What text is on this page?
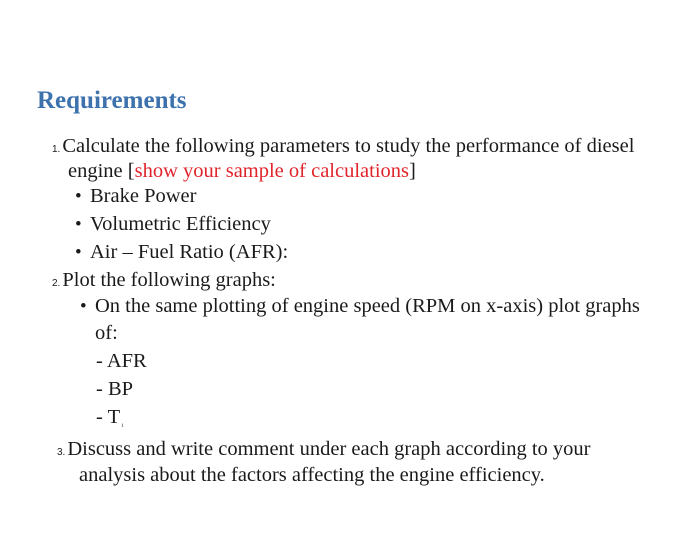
Requirements
1.Calculate the following parameters to study the performance of diesel
engine [show your sample of calculations]
• Brake Power
• Volumetric Efficiency
• Air – Fuel Ratio (AFR):
2.Plot the following graphs:
• On the same plotting of engine speed (RPM on x-axis) plot graphs
of:
- AFR
- BP
- $T_1$
3.Discuss and write comment under each graph according to your
analysis about the factors affecting the engine efficiency.
